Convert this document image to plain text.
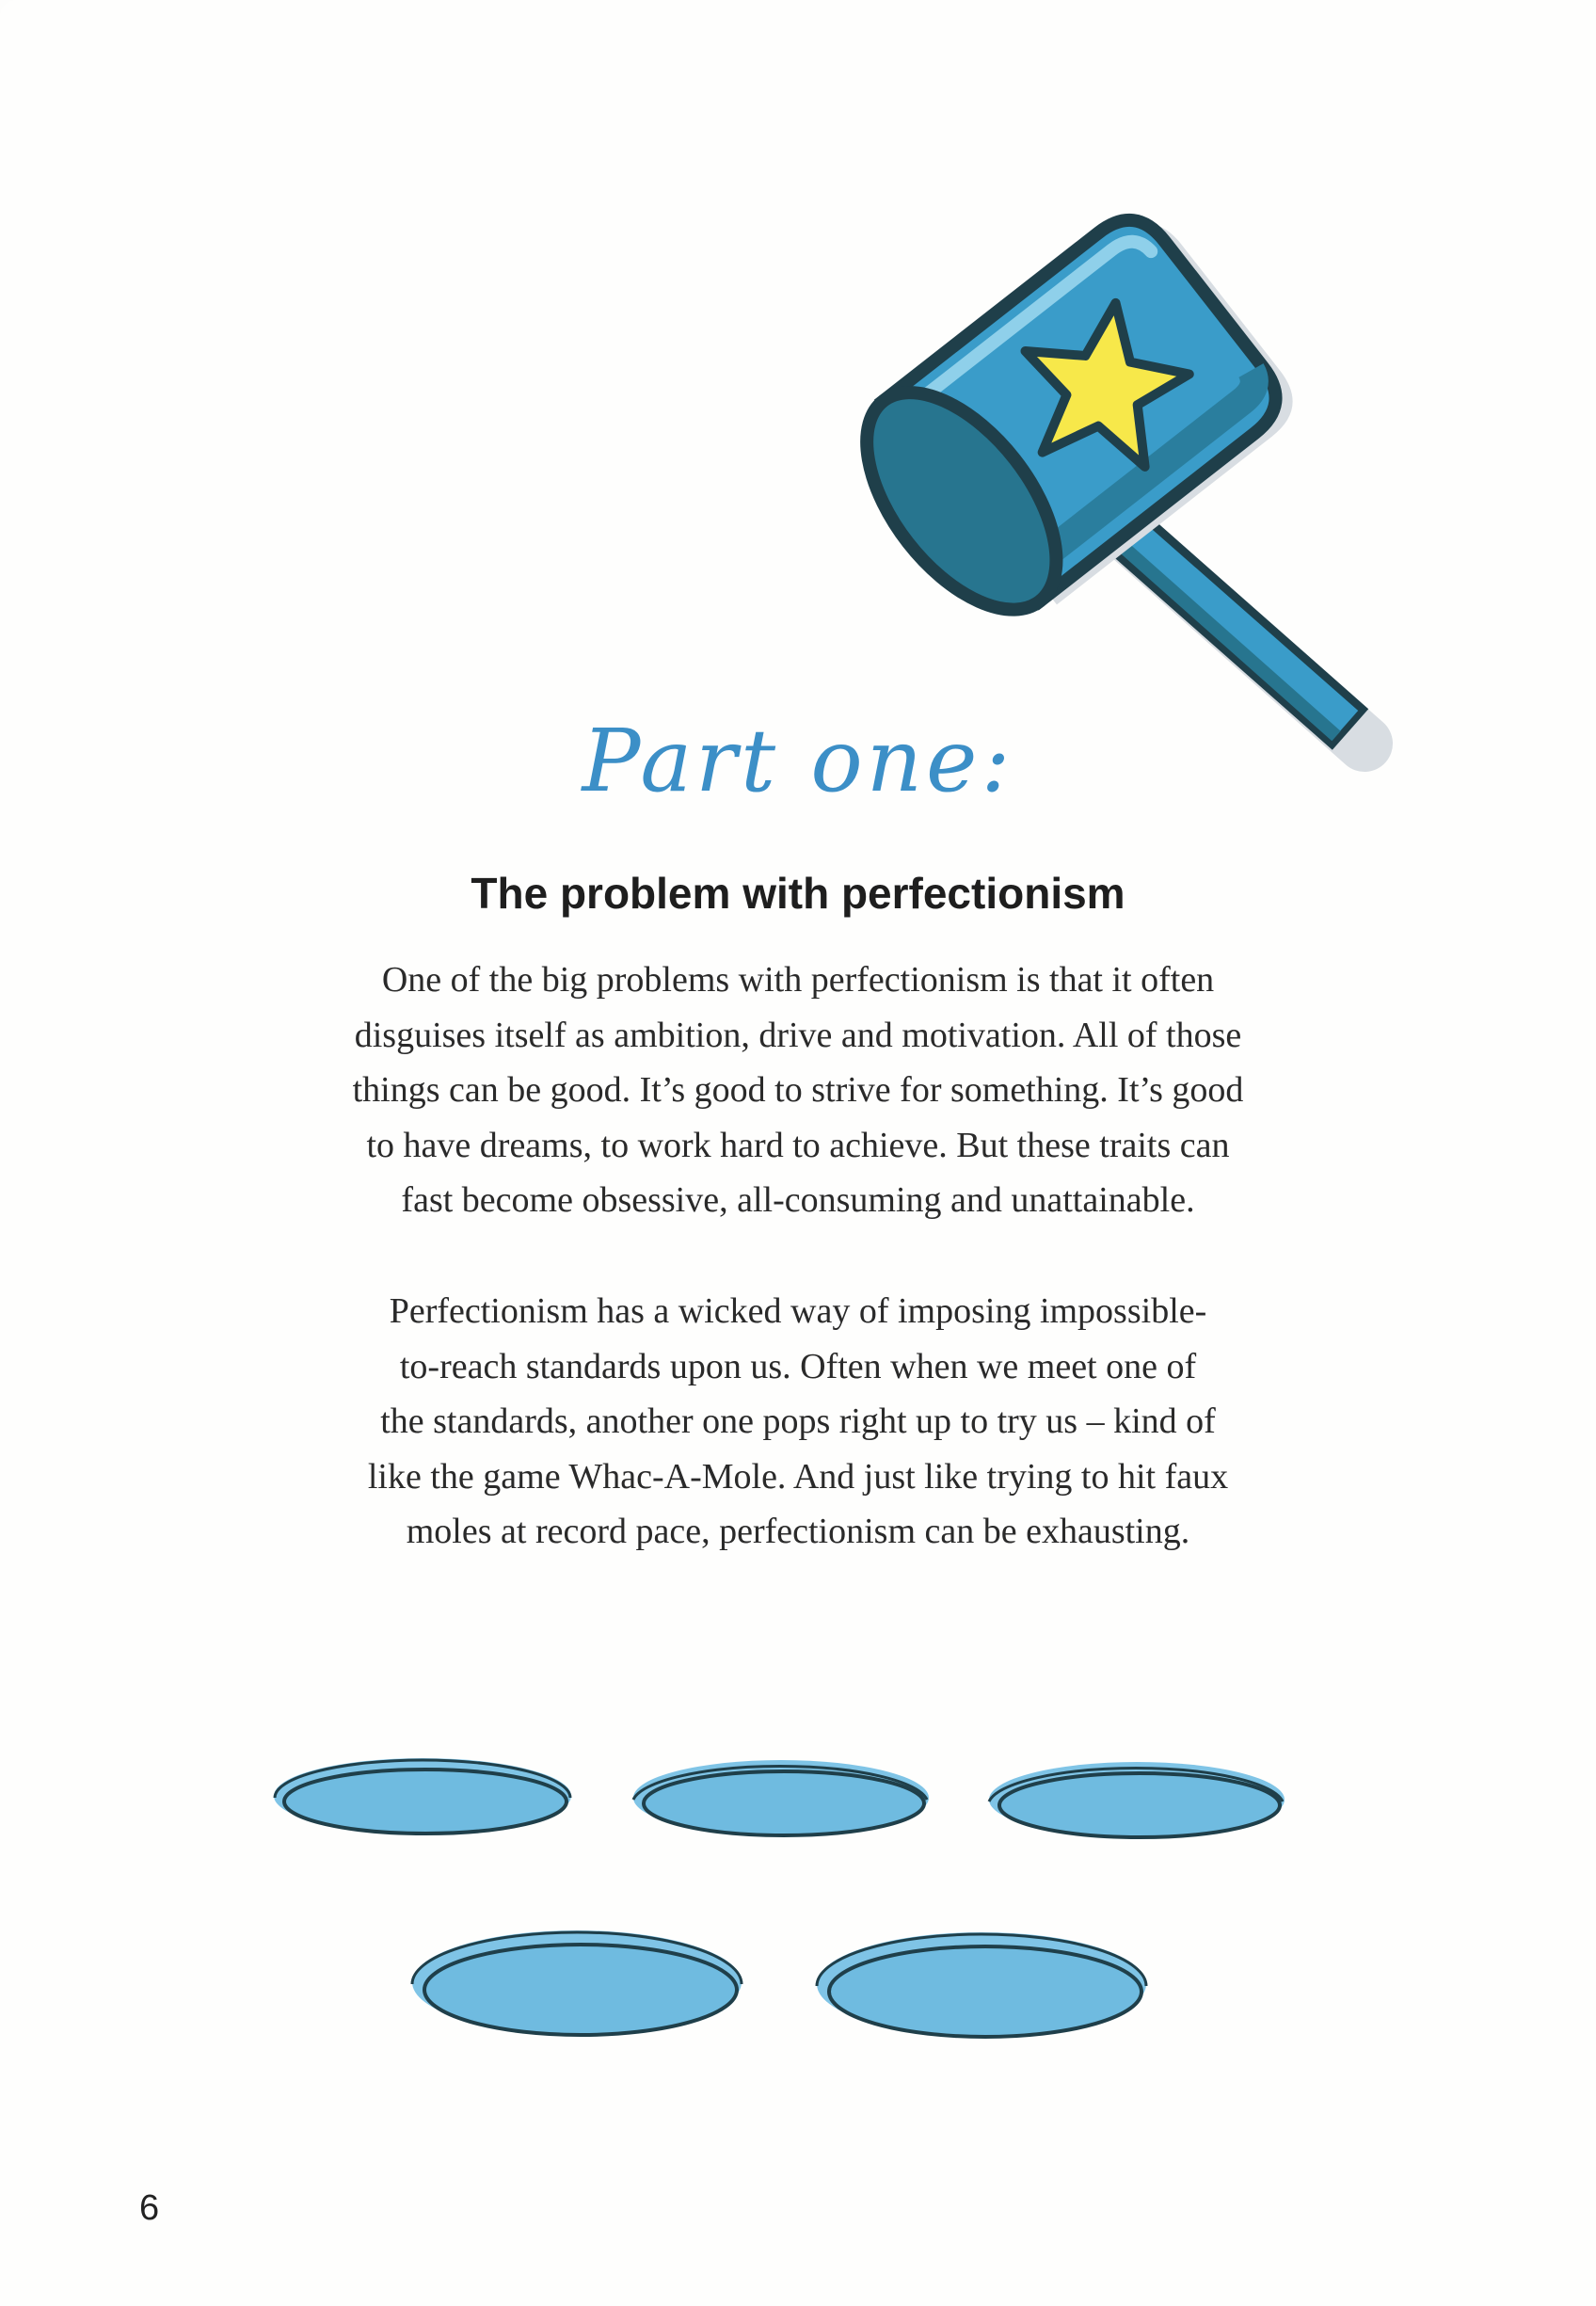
Part one:
The problem with perfectionism
One of the big problems with perfectionism is that it often
disguises itself as ambition, drive and motivation. All of those
things can be good. It’s good to strive for something. It’s good
to have dreams, to work hard to achieve. But these traits can
fast become obsessive, all-consuming and unattainable.
Perfectionism has a wicked way of imposing impossible-
to-reach standards upon us. Often when we meet one of
the standards, another one pops right up to try us – kind of
like the game Whac-A-Mole. And just like trying to hit faux
moles at record pace, perfectionism can be exhausting.
6
